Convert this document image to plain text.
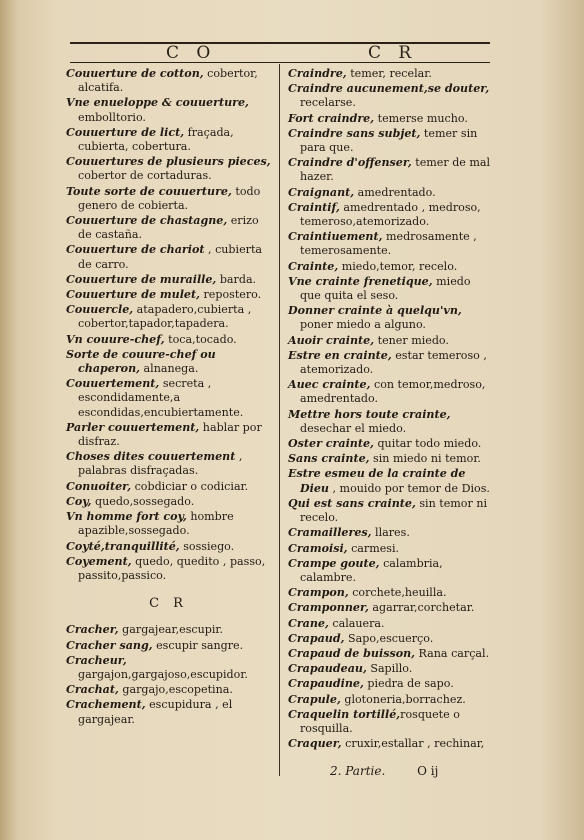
C O	C R
Couuerture de cotton, cobertor, alcatifa.
Vne enueloppe & couuerture, embolltorio.
Couuerture de lict, fraçada, cubierta, cobertura.
Couuertures de plusieurs pieces, cobertor de cortaduras.
Toute sorte de couuerture, todo genero de cobierta.
Couuerture de chastagne, erizo de castaña.
Couuerture de chariot , cubierta de carro.
Couuerture de muraille, barda.
Couuerture de mulet, repostero.
Couuercle, atapadero,cubierta , cobertor,tapador,tapadera.
Vn couure-chef, toca,tocado.
Sorte de couure-chef ou chaperon, alnanega.
Couuertement, secreta , escondidamente,a escondidas,encubiertamente.
Parler couuertement, hablar por disfraz.
Choses dites couuertement , palabras disfraçadas.
Conuoiter, cobdiciar o codiciar.
Coy, quedo,sossegado.
Vn homme fort coy, hombre apazible,sossegado.
Coyté,tranquillité, sossiego.
Coyement, quedo, quedito , passo, passito,passico.
C R
Cracher, gargajear,escupir.
Cracher sang, escupir sangre.
Cracheur, gargajon,gargajoso,escupidor.
Crachat, gargajo,escopetina.
Crachement, escupidura , el gargajear.
Craindre, temer, recelar.
Craindre aucunement,se douter, recelarse.
Fort craindre, temerse mucho.
Craindre sans subjet, temer sin para que.
Craindre d'offenser, temer de mal hazer.
Craignant, amedrentado.
Craintif, amedrentado , medroso, temeroso,atemorizado.
Craintiuement, medrosamente , temerosamente.
Crainte, miedo,temor, recelo.
Vne crainte frenetique, miedo que quita el seso.
Donner crainte à quelqu'vn, poner miedo a alguno.
Auoir crainte, tener miedo.
Estre en crainte, estar temeroso , atemorizado.
Auec crainte, con temor,medroso, amedrentado.
Mettre hors toute crainte, desechar el miedo.
Oster crainte, quitar todo miedo.
Sans crainte, sin miedo ni temor.
Estre esmeu de la crainte de Dieu , mouido por temor de Dios.
Qui est sans crainte, sin temor ni recelo.
Cramailleres, llares.
Cramoisi, carmesi.
Crampe goute, calambria, calambre.
Crampon, corchete,heuilla.
Cramponner, agarrar,corchetar.
Crane, calauera.
Crapaud, Sapo,escuerço.
Crapaud de buisson, Rana carçal.
Crapaudeau, Sapillo.
Crapaudine, piedra de sapo.
Crapule, glotoneria,borrachez.
Craquelin tortillé,rosquete o rosquilla.
Craquer, cruxir,estallar , rechinar,
2. Partie.	O ij
